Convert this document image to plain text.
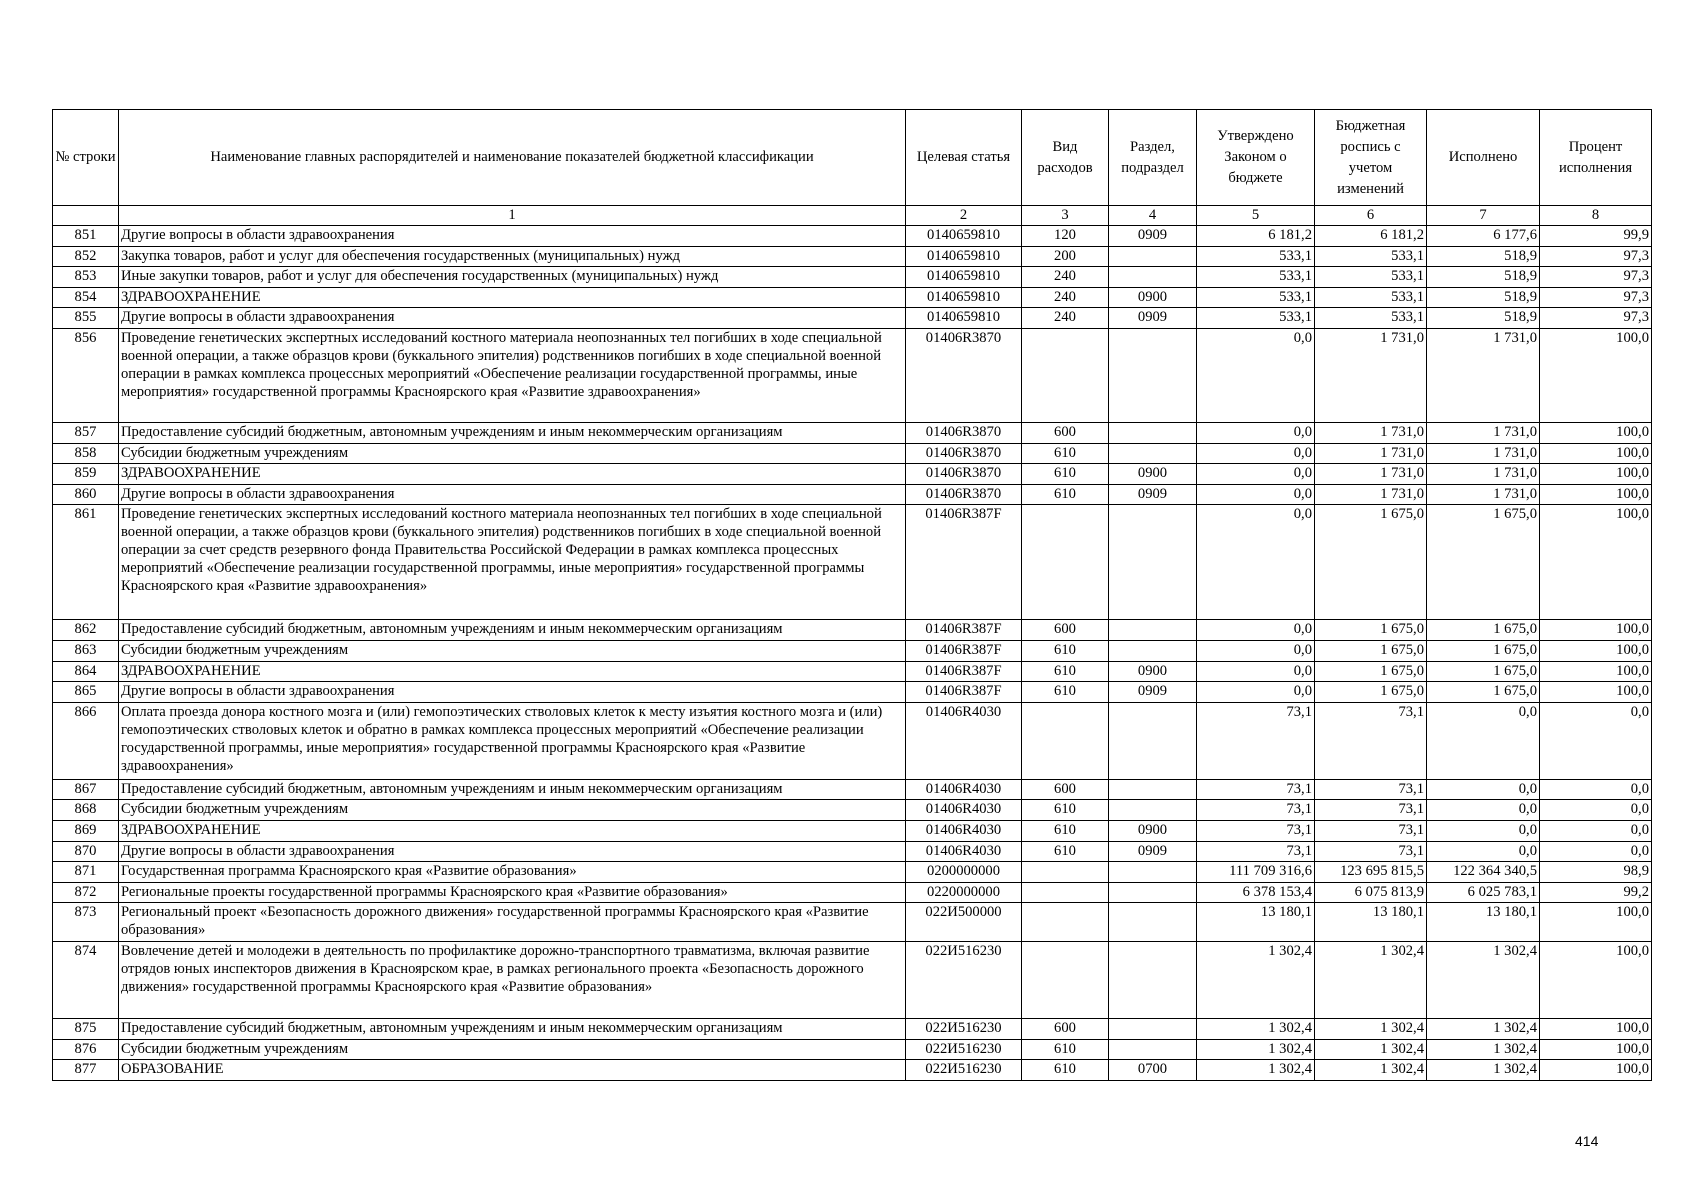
№ строки	Наименование главных распорядителей и наименование показателей бюджетной классификации	Целевая статья	Вид расходов	Раздел, подраздел	Утверждено Законом о бюджете	Бюджетная роспись с учетом изменений	Исполнено	Процент исполнения
	1	2	3	4	5	6	7	8
851	Другие вопросы в области здравоохранения	0140659810	120	0909	6 181,2	6 181,2	6 177,6	99,9
852	Закупка товаров, работ и услуг для обеспечения государственных (муниципальных) нужд	0140659810	200		533,1	533,1	518,9	97,3
853	Иные закупки товаров, работ и услуг для обеспечения государственных (муниципальных) нужд	0140659810	240		533,1	533,1	518,9	97,3
854	ЗДРАВООХРАНЕНИЕ	0140659810	240	0900	533,1	533,1	518,9	97,3
855	Другие вопросы в области здравоохранения	0140659810	240	0909	533,1	533,1	518,9	97,3
856	Проведение генетических экспертных исследований костного материала неопознанных тел погибших в ходе специальной военной операции, а также образцов крови (буккального эпителия) родственников погибших в ходе специальной военной операции в рамках комплекса процессных мероприятий «Обеспечение реализации государственной программы, иные мероприятия» государственной программы Красноярского края «Развитие здравоохранения»	01406R3870			0,0	1 731,0	1 731,0	100,0
857	Предоставление субсидий бюджетным, автономным учреждениям и иным некоммерческим организациям	01406R3870	600		0,0	1 731,0	1 731,0	100,0
858	Субсидии бюджетным учреждениям	01406R3870	610		0,0	1 731,0	1 731,0	100,0
859	ЗДРАВООХРАНЕНИЕ	01406R3870	610	0900	0,0	1 731,0	1 731,0	100,0
860	Другие вопросы в области здравоохранения	01406R3870	610	0909	0,0	1 731,0	1 731,0	100,0
861	Проведение генетических экспертных исследований костного материала неопознанных тел погибших в ходе специальной военной операции, а также образцов крови (буккального эпителия) родственников погибших в ходе специальной военной операции за счет средств резервного фонда Правительства Российской Федерации в рамках комплекса процессных мероприятий «Обеспечение реализации государственной программы, иные мероприятия» государственной программы Красноярского края «Развитие здравоохранения»	01406R387F			0,0	1 675,0	1 675,0	100,0
862	Предоставление субсидий бюджетным, автономным учреждениям и иным некоммерческим организациям	01406R387F	600		0,0	1 675,0	1 675,0	100,0
863	Субсидии бюджетным учреждениям	01406R387F	610		0,0	1 675,0	1 675,0	100,0
864	ЗДРАВООХРАНЕНИЕ	01406R387F	610	0900	0,0	1 675,0	1 675,0	100,0
865	Другие вопросы в области здравоохранения	01406R387F	610	0909	0,0	1 675,0	1 675,0	100,0
866	Оплата проезда донора костного мозга и (или) гемопоэтических стволовых клеток к месту изъятия костного мозга и (или) гемопоэтических стволовых клеток и обратно в рамках комплекса процессных мероприятий «Обеспечение реализации государственной программы, иные мероприятия» государственной программы Красноярского края «Развитие здравоохранения»	01406R4030			73,1	73,1	0,0	0,0
867	Предоставление субсидий бюджетным, автономным учреждениям и иным некоммерческим организациям	01406R4030	600		73,1	73,1	0,0	0,0
868	Субсидии бюджетным учреждениям	01406R4030	610		73,1	73,1	0,0	0,0
869	ЗДРАВООХРАНЕНИЕ	01406R4030	610	0900	73,1	73,1	0,0	0,0
870	Другие вопросы в области здравоохранения	01406R4030	610	0909	73,1	73,1	0,0	0,0
871	Государственная программа Красноярского края «Развитие образования»	0200000000			111 709 316,6	123 695 815,5	122 364 340,5	98,9
872	Региональные проекты государственной программы Красноярского края «Развитие образования»	0220000000			6 378 153,4	6 075 813,9	6 025 783,1	99,2
873	Региональный проект «Безопасность дорожного движения» государственной программы Красноярского края «Развитие образования»	022И500000			13 180,1	13 180,1	13 180,1	100,0
874	Вовлечение детей и молодежи в деятельность по профилактике дорожно-транспортного травматизма, включая развитие отрядов юных инспекторов движения в Красноярском крае, в рамках регионального проекта «Безопасность дорожного движения» государственной программы Красноярского края «Развитие образования»	022И516230			1 302,4	1 302,4	1 302,4	100,0
875	Предоставление субсидий бюджетным, автономным учреждениям и иным некоммерческим организациям	022И516230	600		1 302,4	1 302,4	1 302,4	100,0
876	Субсидии бюджетным учреждениям	022И516230	610		1 302,4	1 302,4	1 302,4	100,0
877	ОБРАЗОВАНИЕ	022И516230	610	0700	1 302,4	1 302,4	1 302,4	100,0
414
